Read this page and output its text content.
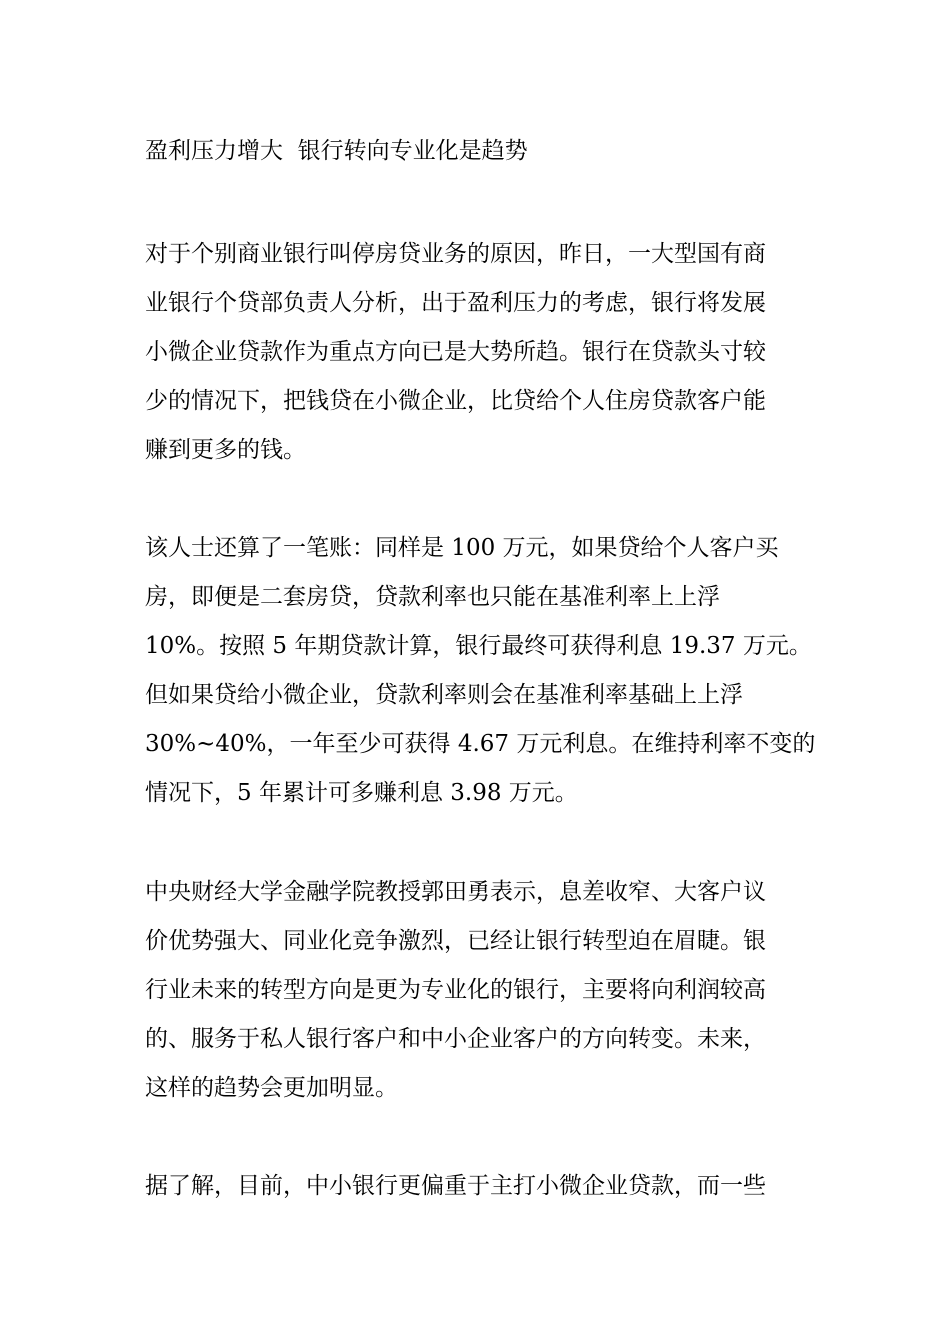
盈利压力增大  银行转向专业化是趋势
对于个别商业银行叫停房贷业务的原因，昨日，一大型国有商
业银行个贷部负责人分析，出于盈利压力的考虑，银行将发展
小微企业贷款作为重点方向已是大势所趋。银行在贷款头寸较
少的情况下，把钱贷在小微企业，比贷给个人住房贷款客户能
赚到更多的钱。
该人士还算了一笔账：同样是 100 万元，如果贷给个人客户买
房，即便是二套房贷，贷款利率也只能在基准利率上上浮
10%。按照 5 年期贷款计算，银行最终可获得利息 19.37 万元。
但如果贷给小微企业，贷款利率则会在基准利率基础上上浮
30%~40%，一年至少可获得 4.67 万元利息。在维持利率不变的
情况下，5 年累计可多赚利息 3.98 万元。
中央财经大学金融学院教授郭田勇表示，息差收窄、大客户议
价优势强大、同业化竞争激烈，已经让银行转型迫在眉睫。银
行业未来的转型方向是更为专业化的银行，主要将向利润较高
的、服务于私人银行客户和中小企业客户的方向转变。未来，
这样的趋势会更加明显。
据了解，目前，中小银行更偏重于主打小微企业贷款，而一些
